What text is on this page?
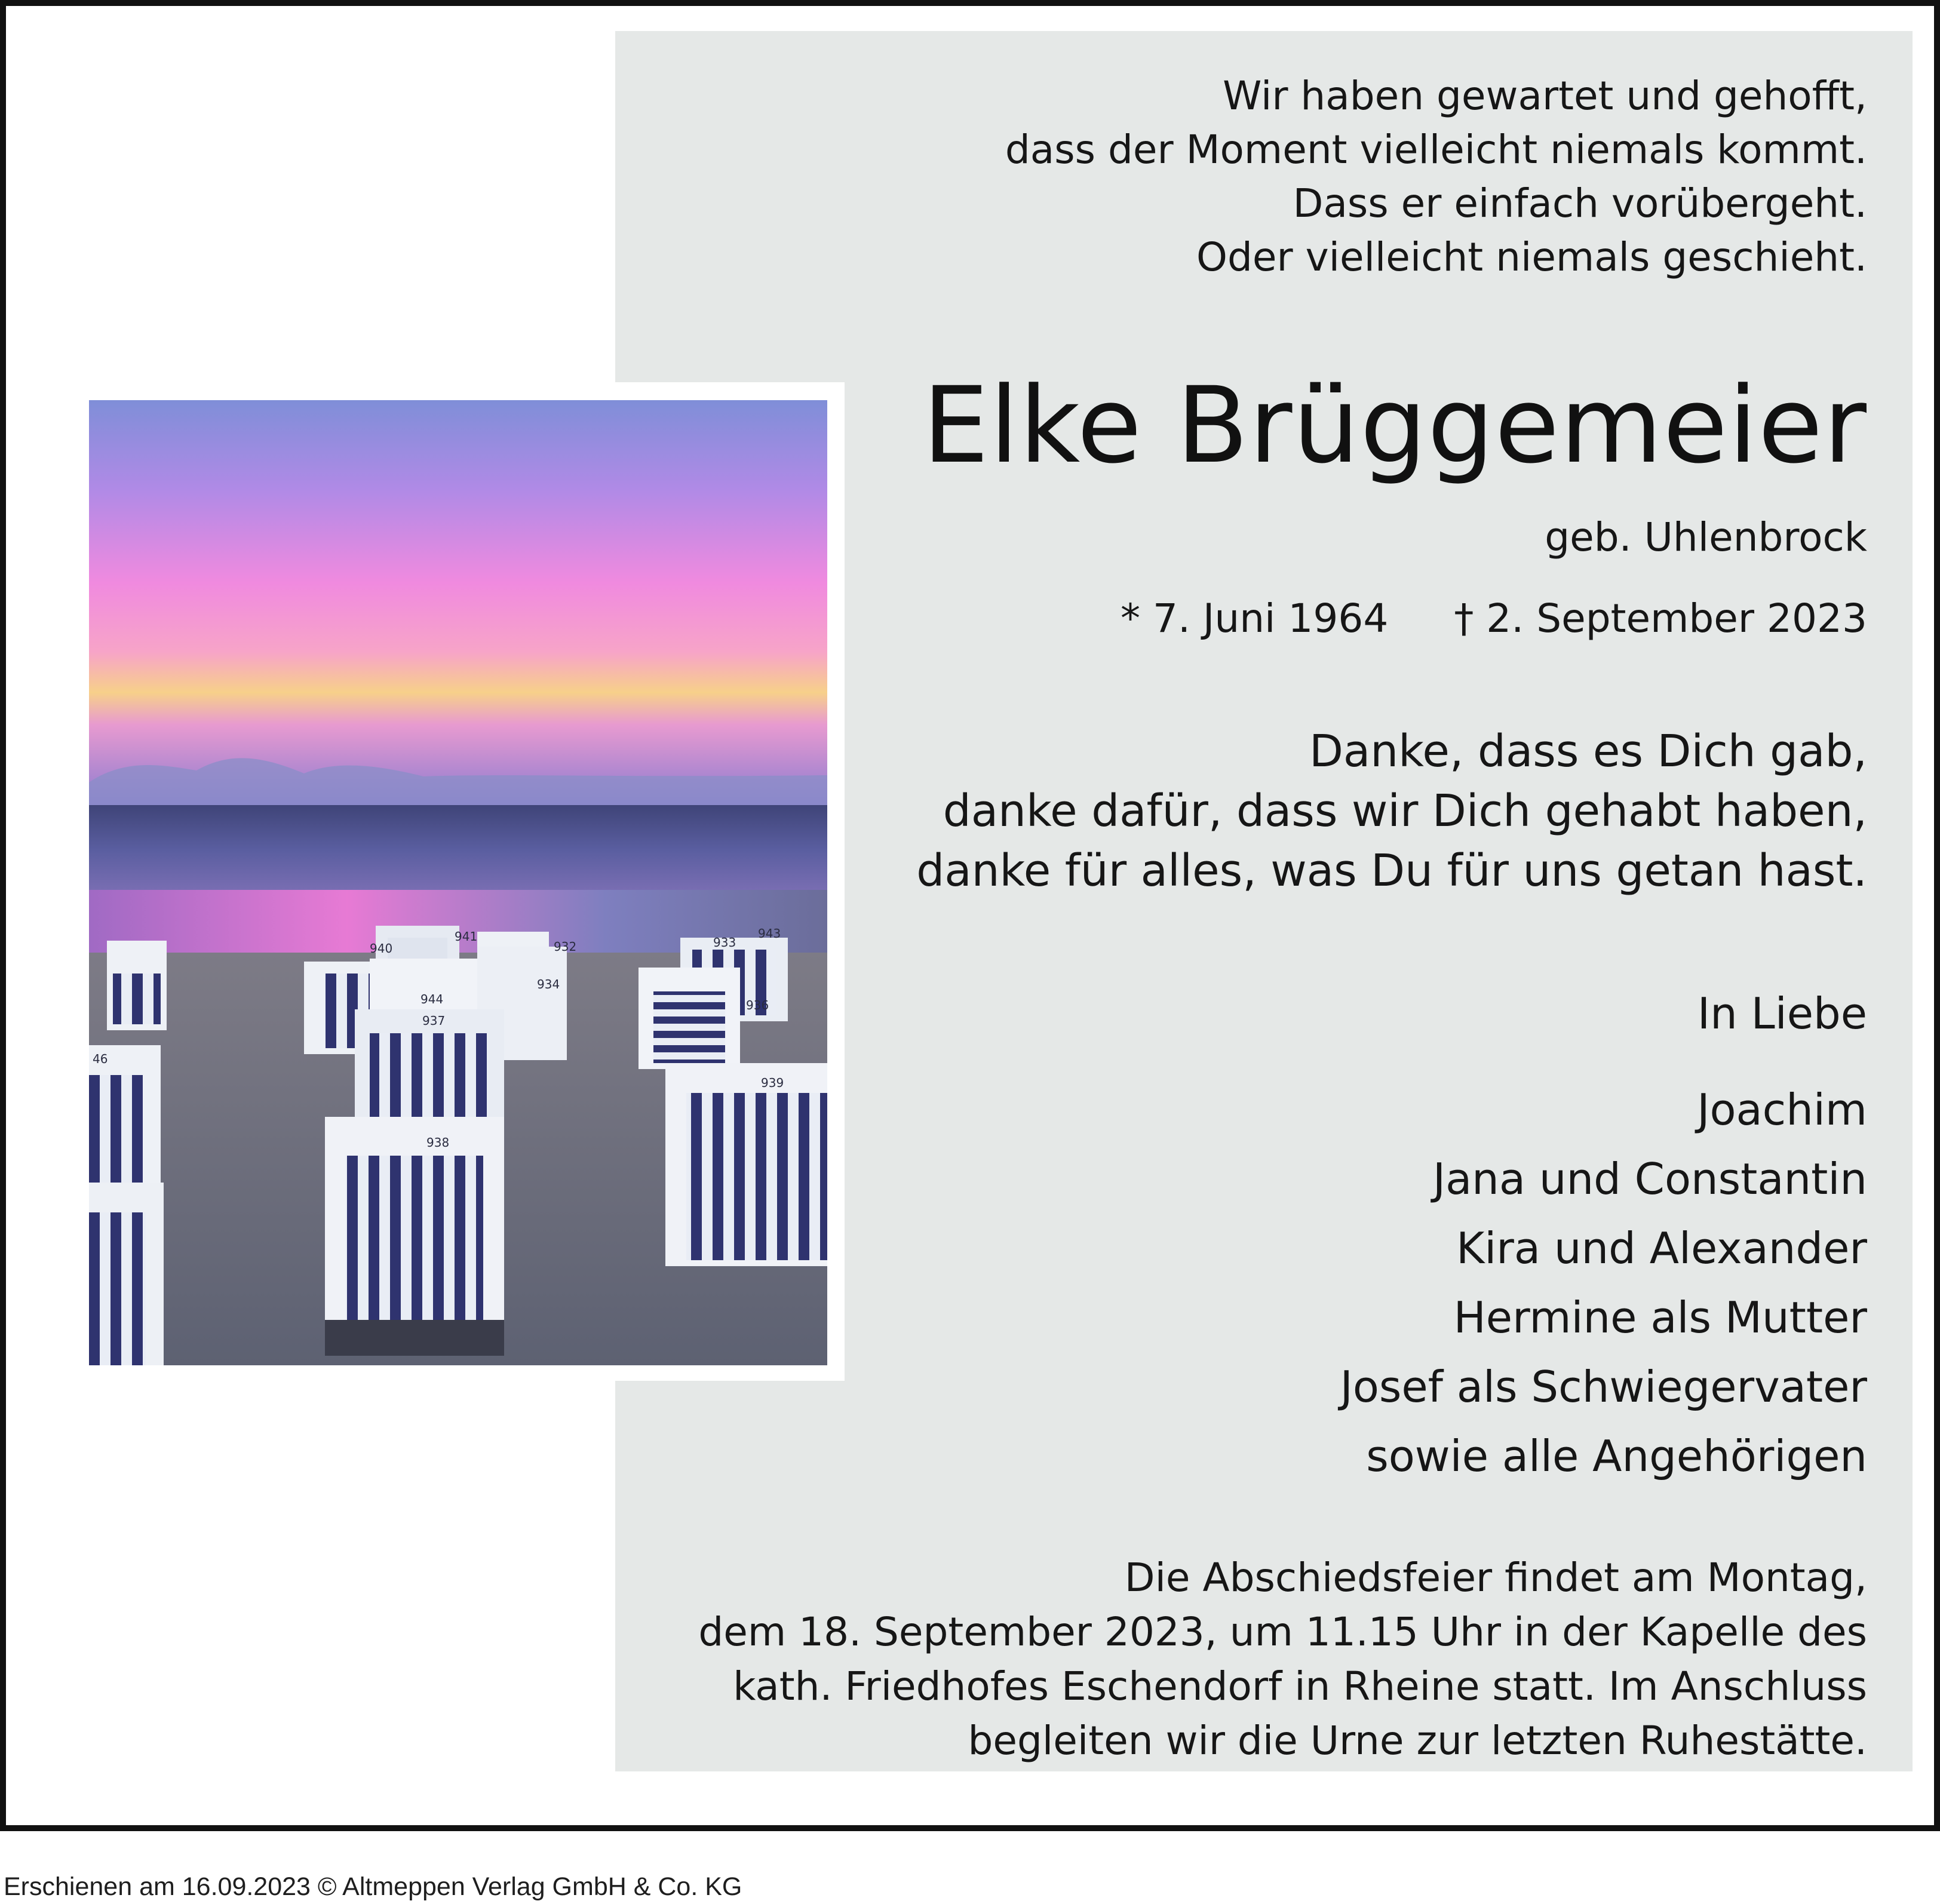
940
941
932
934
944
937
936
938
939
933
943
46
Wir haben gewartet und gehofft,
dass der Moment vielleicht niemals kommt.
Dass er einfach vorübergeht.
Oder vielleicht niemals geschieht.
Elke Brüggemeier
geb. Uhlenbrock
* 7. Juni 1964 † 2. September 2023
Danke, dass es Dich gab,
danke dafür, dass wir Dich gehabt haben,
danke für alles, was Du für uns getan hast.
In Liebe
Joachim
Jana und Constantin
Kira und Alexander
Hermine als Mutter
Josef als Schwiegervater
sowie alle Angehörigen
Die Abschiedsfeier findet am Montag,
dem 18. September 2023, um 11.15 Uhr in der Kapelle des
kath. Friedhofes Eschendorf in Rheine statt. Im Anschluss
begleiten wir die Urne zur letzten Ruhestätte.
Erschienen am 16.09.2023 © Altmeppen Verlag GmbH & Co. KG
